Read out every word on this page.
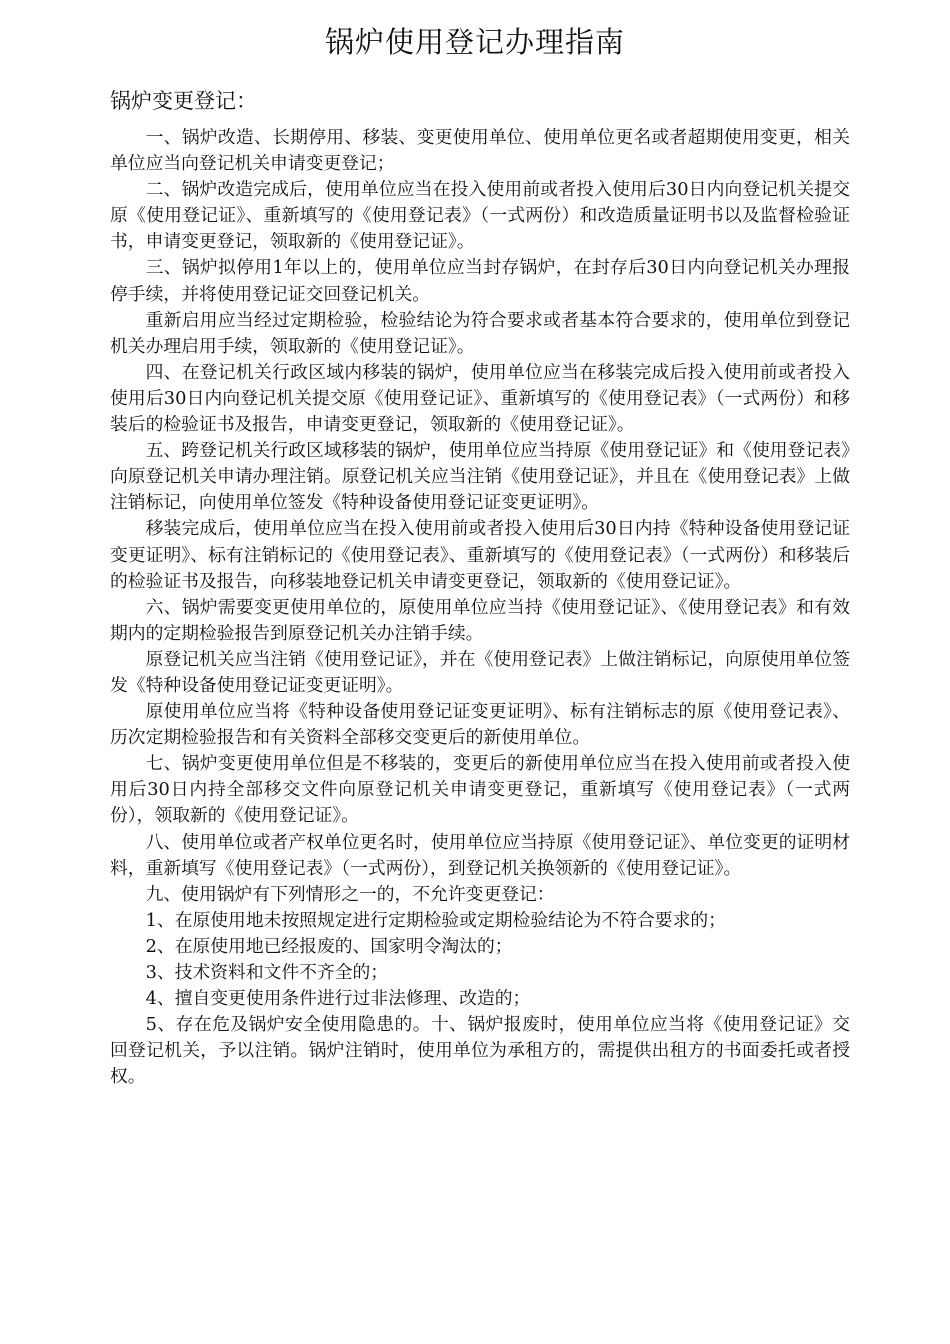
锅炉使用登记办理指南
锅炉变更登记：

一、锅炉改造、长期停用、移装、变更使用单位、使用单位更名或者超期使用变更，相关单位应当向登记机关申请变更登记；

二、锅炉改造完成后，使用单位应当在投入使用前或者投入使用后30日内向登记机关提交原《使用登记证》、重新填写的《使用登记表》（一式两份）和改造质量证明书以及监督检验证书，申请变更登记，领取新的《使用登记证》。

三、锅炉拟停用1年以上的，使用单位应当封存锅炉，在封存后30日内向登记机关办理报停手续，并将使用登记证交回登记机关。

重新启用应当经过定期检验，检验结论为符合要求或者基本符合要求的，使用单位到登记机关办理启用手续，领取新的《使用登记证》。

四、在登记机关行政区域内移装的锅炉，使用单位应当在移装完成后投入使用前或者投入使用后30日内向登记机关提交原《使用登记证》、重新填写的《使用登记表》（一式两份）和移装后的检验证书及报告，申请变更登记，领取新的《使用登记证》。

五、跨登记机关行政区域移装的锅炉，使用单位应当持原《使用登记证》和《使用登记表》向原登记机关申请办理注销。原登记机关应当注销《使用登记证》，并且在《使用登记表》上做注销标记，向使用单位签发《特种设备使用登记证变更证明》。

移装完成后，使用单位应当在投入使用前或者投入使用后30日内持《特种设备使用登记证变更证明》、标有注销标记的《使用登记表》、重新填写的《使用登记表》（一式两份）和移装后的检验证书及报告，向移装地登记机关申请变更登记，领取新的《使用登记证》。

六、锅炉需要变更使用单位的，原使用单位应当持《使用登记证》、《使用登记表》和有效期内的定期检验报告到原登记机关办注销手续。

原登记机关应当注销《使用登记证》，并在《使用登记表》上做注销标记，向原使用单位签发《特种设备使用登记证变更证明》。

原使用单位应当将《特种设备使用登记证变更证明》、标有注销标志的原《使用登记表》、历次定期检验报告和有关资料全部移交变更后的新使用单位。

七、锅炉变更使用单位但是不移装的，变更后的新使用单位应当在投入使用前或者投入使用后30日内持全部移交文件向原登记机关申请变更登记，重新填写《使用登记表》（一式两份），领取新的《使用登记证》。

八、使用单位或者产权单位更名时，使用单位应当持原《使用登记证》、单位变更的证明材料，重新填写《使用登记表》（一式两份），到登记机关换领新的《使用登记证》。

九、使用锅炉有下列情形之一的，不允许变更登记：

1、在原使用地未按照规定进行定期检验或定期检验结论为不符合要求的；

2、在原使用地已经报废的、国家明令淘汰的；

3、技术资料和文件不齐全的；

4、擅自变更使用条件进行过非法修理、改造的；

5、存在危及锅炉安全使用隐患的。十、锅炉报废时，使用单位应当将《使用登记证》交回登记机关，予以注销。锅炉注销时，使用单位为承租方的，需提供出租方的书面委托或者授权。
